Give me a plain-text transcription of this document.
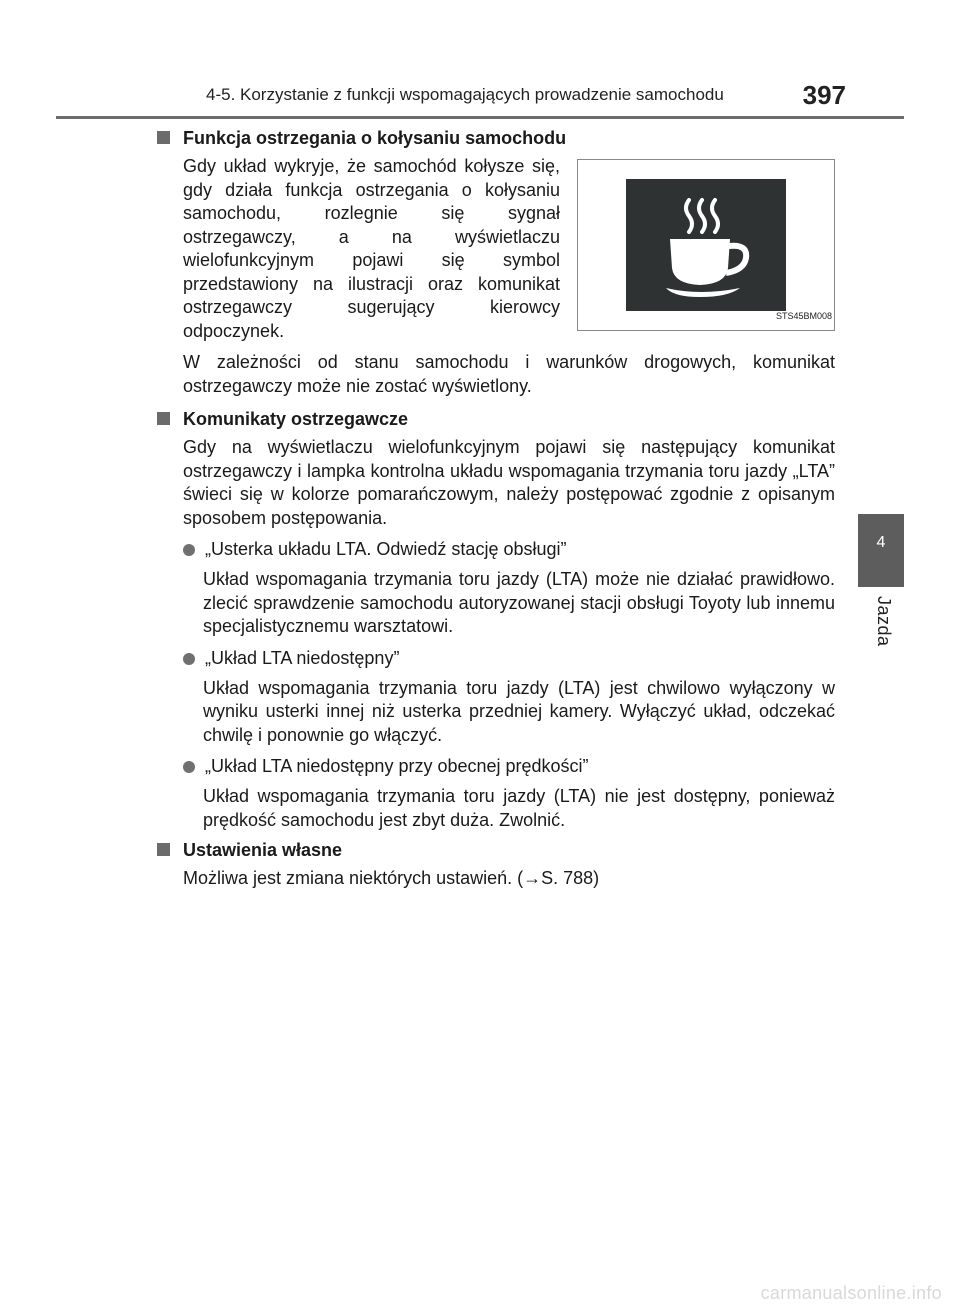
4-5. Korzystanie z funkcji wspomagających prowadzenie samochodu	397
4
Jazda
Funkcja ostrzegania o kołysaniu samochodu

Gdy układ wykryje, że samochód kołysze się, gdy działa funkcja ostrzegania o kołysaniu samochodu, rozlegnie się sygnał ostrzegawczy, a na wyświetlaczu wielofunkcyjnym pojawi się symbol przedstawiony na ilustracji oraz komunikat ostrzegawczy sugerujący kierowcy odpoczynek.

STS45BM008

W zależności od stanu samochodu i warunków drogowych, komunikat ostrzegawczy może nie zostać wyświetlony.

Komunikaty ostrzegawcze

Gdy na wyświetlaczu wielofunkcyjnym pojawi się następujący komunikat ostrzegawczy i lampka kontrolna układu wspomagania trzymania toru jazdy „LTA” świeci się w kolorze pomarańczowym, należy postępować zgodnie z opisanym sposobem postępowania.

„Usterka układu LTA. Odwiedź stację obsługi”

Układ wspomagania trzymania toru jazdy (LTA) może nie działać prawidłowo. zlecić sprawdzenie samochodu autoryzowanej stacji obsługi Toyoty lub innemu specjalistycznemu warsztatowi.

„Układ LTA niedostępny”

Układ wspomagania trzymania toru jazdy (LTA) jest chwilowo wyłączony w wyniku usterki innej niż usterka przedniej kamery. Wyłączyć układ, odczekać chwilę i ponownie go włączyć.

„Układ LTA niedostępny przy obecnej prędkości”

Układ wspomagania trzymania toru jazdy (LTA) nie jest dostępny, ponieważ prędkość samochodu jest zbyt duża. Zwolnić.

Ustawienia własne

Możliwa jest zmiana niektórych ustawień. (→S. 788)

carmanualsonline.info
